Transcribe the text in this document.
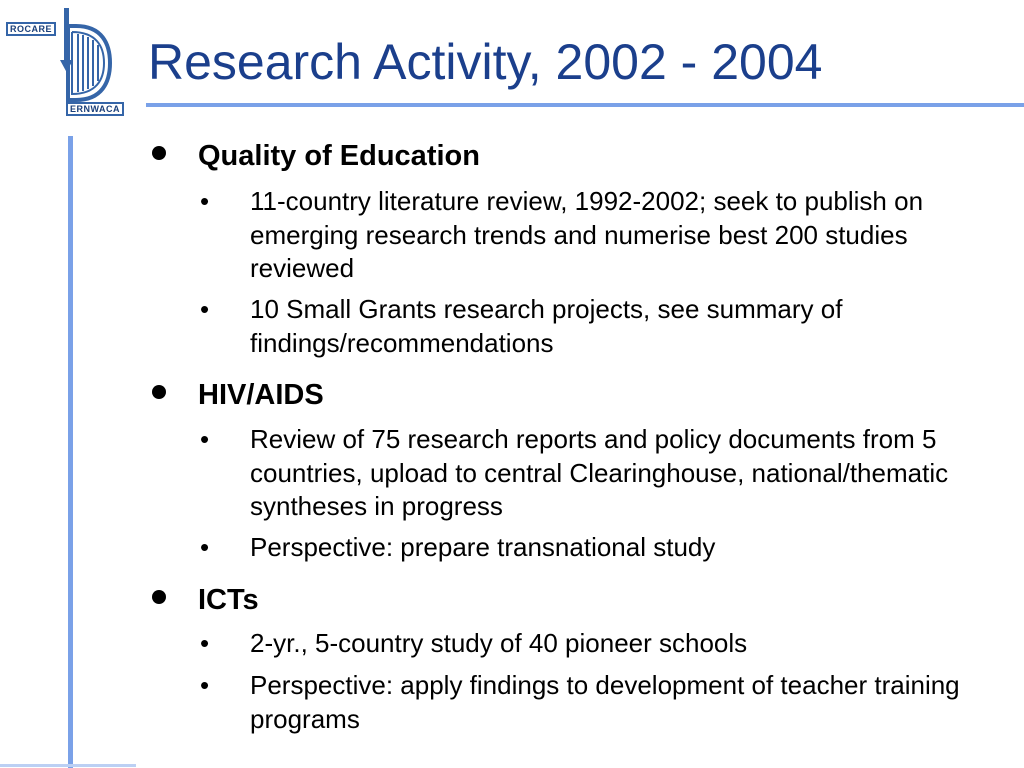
ROCARE
ERNWACA
Research Activity, 2002 - 2004
Quality of Education
•	11-country literature review, 1992-2002; seek to publish on emerging research trends and numerise best 200 studies reviewed
•	10 Small Grants research projects, see summary of findings/recommendations
HIV/AIDS
•	Review of 75 research reports and policy documents from 5 countries, upload to central Clearinghouse, national/thematic syntheses in progress
•	Perspective: prepare transnational study
ICTs
•	2-yr., 5-country study of 40 pioneer schools
•	Perspective: apply findings to development of teacher training programs
